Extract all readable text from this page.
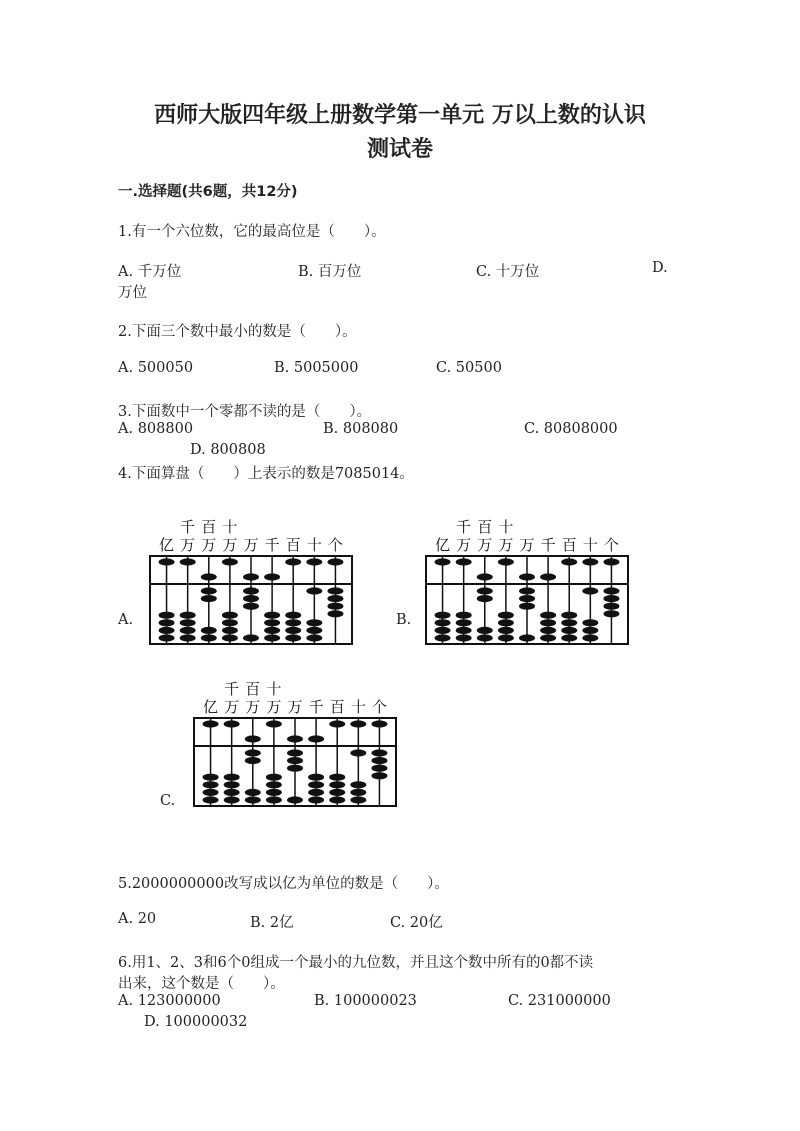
西师大版四年级上册数学第一单元 万以上数的认识
测试卷
一.选择题(共6题，共12分)
1.有一个六位数，它的最高位是（　　）。
A. 千万位	B. 百万位	C. 十万位	D.
万位
2.下面三个数中最小的数是（　　）。
A. 500050	B. 5005000	C. 50500
3.下面数中一个零都不读的是（　　）。
A. 808800	B. 808080	C. 80808000
D. 800808
4.下面算盘（　　）上表示的数是7085014。
A.
千 百 十
亿 万 万 万 万 千 百 十 个
B.
千 百 十
亿 万 万 万 万 千 百 十 个
C.
千 百 十
亿 万 万 万 万 千 百 十 个
5.2000000000改写成以亿为单位的数是（　　）。
A. 20	B. 2亿	C. 20亿
6.用1、2、3和6个0组成一个最小的九位数，并且这个数中所有的0都不读
出来，这个数是（　　）。
A. 123000000	B. 100000023	C. 231000000
D. 100000032
